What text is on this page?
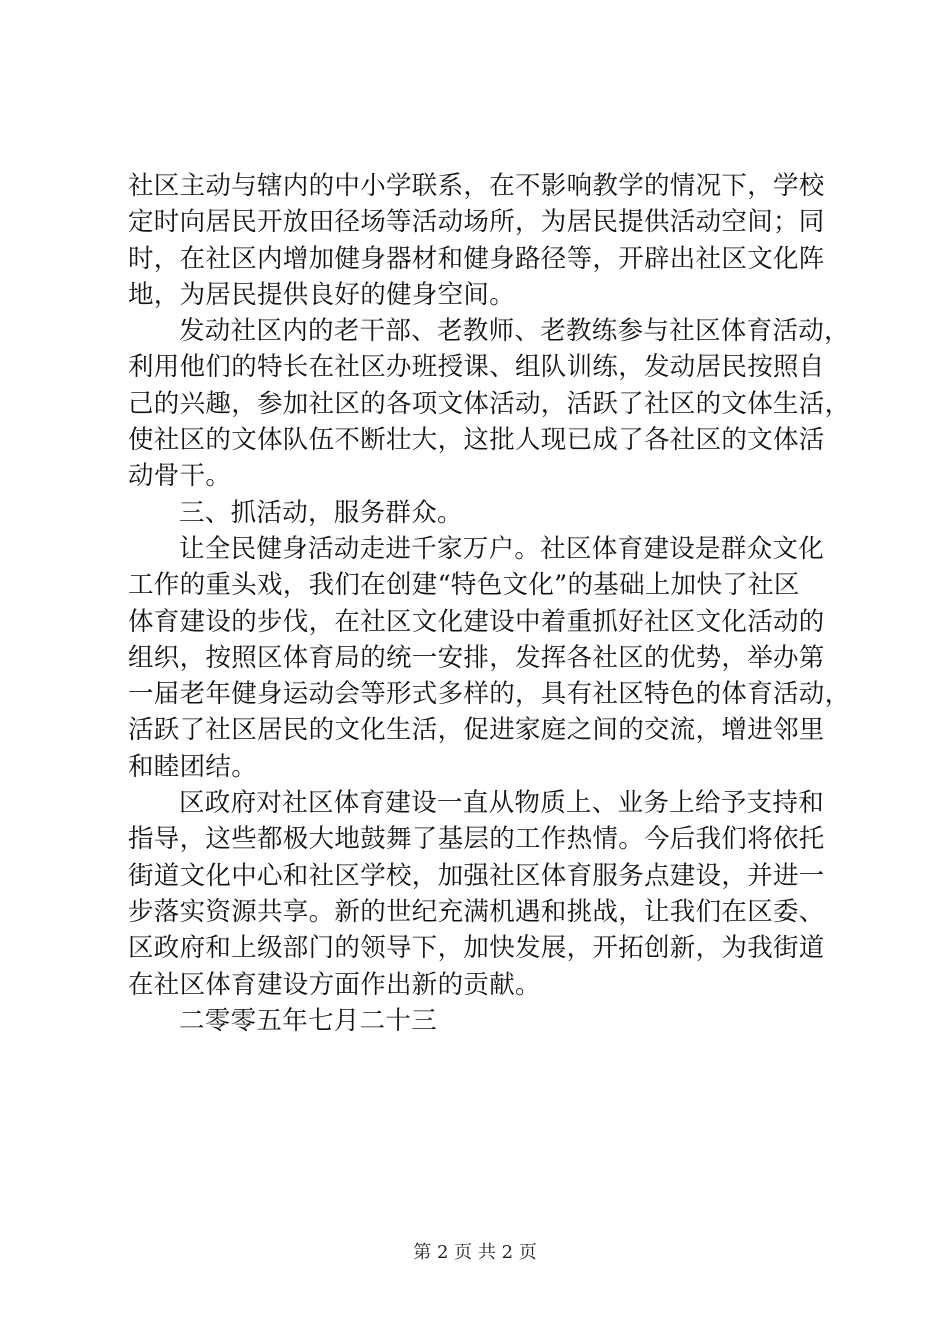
社区主动与辖内的中小学联系，在不影响教学的情况下，学校
定时向居民开放田径场等活动场所，为居民提供活动空间；同
时，在社区内增加健身器材和健身路径等，开辟出社区文化阵
地，为居民提供良好的健身空间。
发动社区内的老干部、老教师、老教练参与社区体育活动，
利用他们的特长在社区办班授课、组队训练，发动居民按照自
己的兴趣，参加社区的各项文体活动，活跃了社区的文体生活，
使社区的文体队伍不断壮大，这批人现已成了各社区的文体活
动骨干。
三、抓活动，服务群众。
让全民健身活动走进千家万户。社区体育建设是群众文化
工作的重头戏，我们在创建“特色文化”的基础上加快了社区
体育建设的步伐，在社区文化建设中着重抓好社区文化活动的
组织，按照区体育局的统一安排，发挥各社区的优势，举办第
一届老年健身运动会等形式多样的，具有社区特色的体育活动，
活跃了社区居民的文化生活，促进家庭之间的交流，增进邻里
和睦团结。
区政府对社区体育建设一直从物质上、业务上给予支持和
指导，这些都极大地鼓舞了基层的工作热情。今后我们将依托
街道文化中心和社区学校，加强社区体育服务点建设，并进一
步落实资源共享。新的世纪充满机遇和挑战，让我们在区委、
区政府和上级部门的领导下，加快发展，开拓创新，为我街道
在社区体育建设方面作出新的贡献。
二零零五年七月二十三
第 2 页 共 2 页
